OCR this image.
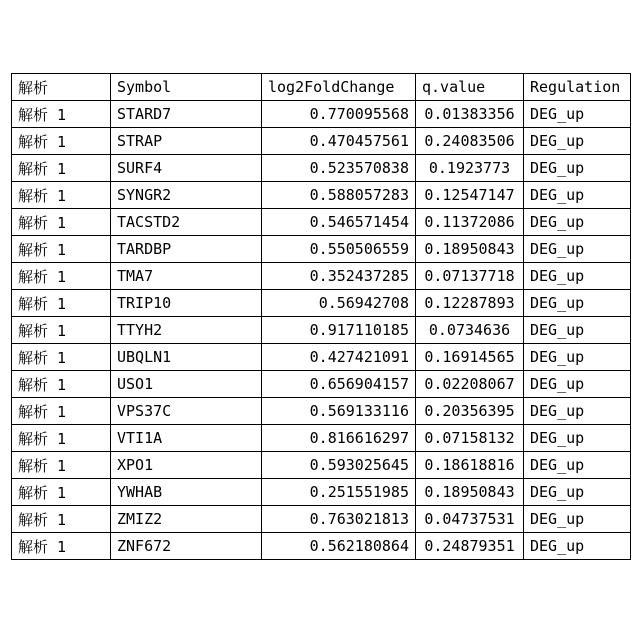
解析	Symbol	log2FoldChange	q.value	Regulation
解析 1	STARD7	0.770095568	0.01383356	DEG_up
解析 1	STRAP	0.470457561	0.24083506	DEG_up
解析 1	SURF4	0.523570838	0.1923773	DEG_up
解析 1	SYNGR2	0.588057283	0.12547147	DEG_up
解析 1	TACSTD2	0.546571454	0.11372086	DEG_up
解析 1	TARDBP	0.550506559	0.18950843	DEG_up
解析 1	TMA7	0.352437285	0.07137718	DEG_up
解析 1	TRIP10	0.56942708	0.12287893	DEG_up
解析 1	TTYH2	0.917110185	0.0734636	DEG_up
解析 1	UBQLN1	0.427421091	0.16914565	DEG_up
解析 1	USO1	0.656904157	0.02208067	DEG_up
解析 1	VPS37C	0.569133116	0.20356395	DEG_up
解析 1	VTI1A	0.816616297	0.07158132	DEG_up
解析 1	XPO1	0.593025645	0.18618816	DEG_up
解析 1	YWHAB	0.251551985	0.18950843	DEG_up
解析 1	ZMIZ2	0.763021813	0.04737531	DEG_up
解析 1	ZNF672	0.562180864	0.24879351	DEG_up
